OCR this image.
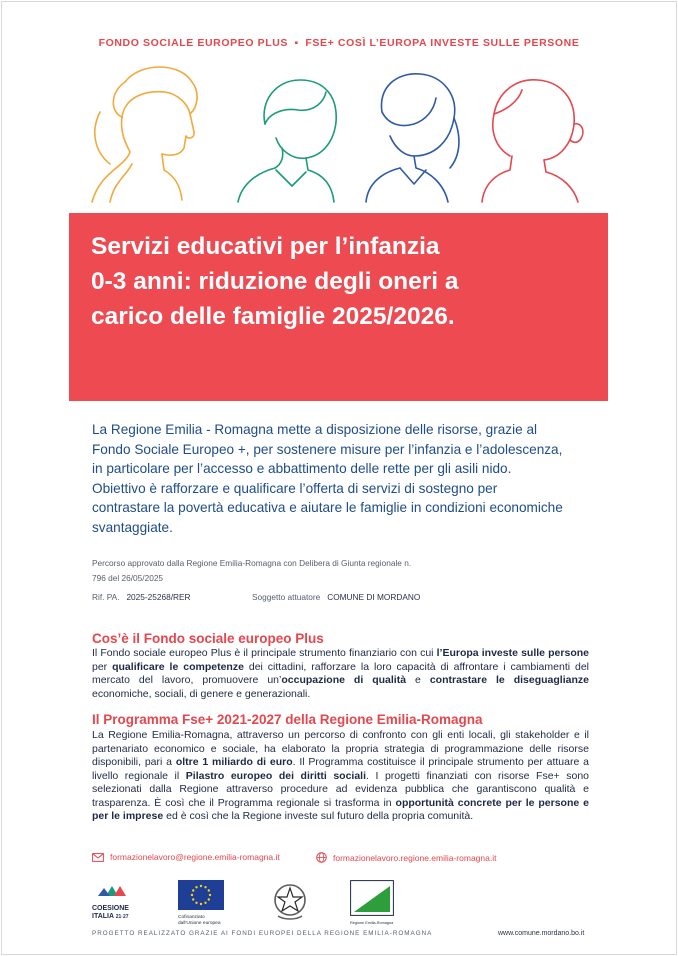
FONDO SOCIALE EUROPEO PLUS ▪ FSE+ COSÌ L’EUROPA INVESTE SULLE PERSONE
Servizi educativi per l’infanzia
0-3 anni: riduzione degli oneri a
carico delle famiglie 2025/2026.
La Regione Emilia - Romagna mette a disposizione delle risorse, grazie al
Fondo Sociale Europeo +, per sostenere misure per l’infanzia e l’adolescenza,
in particolare per l’accesso e abbattimento delle rette per gli asili nido.
Obiettivo è rafforzare e qualificare l’offerta di servizi di sostegno per
contrastare la povertà educativa e aiutare le famiglie in condizioni economiche
svantaggiate.
Percorso approvato dalla Regione Emilia-Romagna con Delibera di Giunta regionale n.
796 del 26/05/2025
Rif. PA. 2025-25268/RER	Soggetto attuatore COMUNE DI MORDANO
Cos’è il Fondo sociale europeo Plus
Il Fondo sociale europeo Plus è il principale strumento finanziario con cui l’Europa investe sulle persone per qualificare le competenze dei cittadini, rafforzare la loro capacità di affrontare i cambiamenti del mercato del lavoro, promuovere un’occupazione di qualità e contrastare le diseguaglianze economiche, sociali, di genere e generazionali.
Il Programma Fse+ 2021-2027 della Regione Emilia-Romagna
La Regione Emilia-Romagna, attraverso un percorso di confronto con gli enti locali, gli stakeholder e il partenariato economico e sociale, ha elaborato la propria strategia di programmazione delle risorse disponibili, pari a oltre 1 miliardo di euro. Il Programma costituisce il principale strumento per attuare a livello regionale il Pilastro europeo dei diritti sociali. I progetti finanziati con risorse Fse+ sono selezionati dalla Regione attraverso procedure ad evidenza pubblica che garantiscono qualità e trasparenza. È così che il Programma regionale si trasforma in opportunità concrete per le persone e per le imprese ed è così che la Regione investe sul futuro della propria comunità.
formazionelavoro@regione.emilia-romagna.it	formazionelavoro.regione.emilia-romagna.it
COESIONE
ITALIA 21·27	Cofinanziato
dall'Unione europea	Regione Emilia-Romagna
PROGETTO REALIZZATO GRAZIE AI FONDI EUROPEI DELLA REGIONE EMILIA-ROMAGNA	www.comune.mordano.bo.it
